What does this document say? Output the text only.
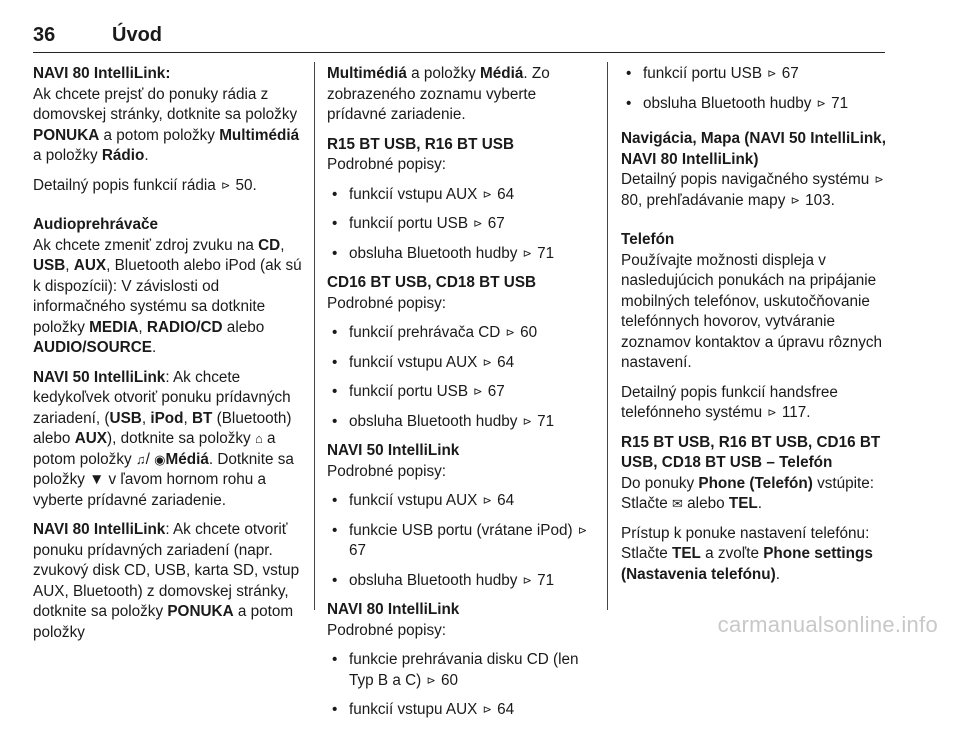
36	Úvod
NAVI 80 IntelliLink:

Ak chcete prejsť do ponuky rádia z domovskej stránky, dotknite sa položky PONUKA a potom položky Multimédiá a položky Rádio.

Detailný popis funkcií rádia ⊳ 50.

Audioprehrávače

Ak chcete zmeniť zdroj zvuku na CD, USB, AUX, Bluetooth alebo iPod (ak sú k dispozícii): V závislosti od informačného systému sa dotknite položky MEDIA, RADIO/CD alebo AUDIO/SOURCE.

NAVI 50 IntelliLink: Ak chcete kedykoľvek otvoriť ponuku prídavných zariadení, (USB, iPod, BT (Bluetooth) alebo AUX), dotknite sa položky ⌂ a potom položky ♫/ ◉Médiá. Dotknite sa položky ▼ v ľavom hornom rohu a vyberte prídavné zariadenie.

NAVI 80 IntelliLink: Ak chcete otvoriť ponuku prídavných zariadení (napr. zvukový disk CD, USB, karta SD, vstup AUX, Bluetooth) z domovskej stránky, dotknite sa položky PONUKA a potom položky

Multimédiá a položky Médiá. Zo zobrazeného zoznamu vyberte prídavné zariadenie.

R15 BT USB, R16 BT USB
Podrobné popisy:
• funkcií vstupu AUX ⊳ 64
• funkcií portu USB ⊳ 67
• obsluha Bluetooth hudby ⊳ 71
CD16 BT USB, CD18 BT USB
Podrobné popisy:
• funkcií prehrávača CD ⊳ 60
• funkcií vstupu AUX ⊳ 64
• funkcií portu USB ⊳ 67
• obsluha Bluetooth hudby ⊳ 71
NAVI 50 IntelliLink
Podrobné popisy:
• funkcií vstupu AUX ⊳ 64
• funkcie USB portu (vrátane iPod) ⊳ 67
• obsluha Bluetooth hudby ⊳ 71
NAVI 80 IntelliLink
Podrobné popisy:
• funkcie prehrávania disku CD (len Typ B a C) ⊳ 60
• funkcií vstupu AUX ⊳ 64
• funkcií portu USB ⊳ 67
• obsluha Bluetooth hudby ⊳ 71
Navigácia, Mapa (NAVI 50 IntelliLink, NAVI 80 IntelliLink)

Detailný popis navigačného systému ⊳ 80, prehľadávanie mapy ⊳ 103.

Telefón

Používajte možnosti displeja v nasledujúcich ponukách na pripájanie mobilných telefónov, uskutočňovanie telefónnych hovorov, vytváranie zoznamov kontaktov a úpravu rôznych nastavení.

Detailný popis funkcií handsfree telefónneho systému ⊳ 117.

R15 BT USB, R16 BT USB, CD16 BT USB, CD18 BT USB – Telefón

Do ponuky Phone (Telefón) vstúpite: Stlačte ✉ alebo TEL.

Prístup k ponuke nastavení telefónu: Stlačte TEL a zvoľte Phone settings (Nastavenia telefónu).

carmanualsonline.info
